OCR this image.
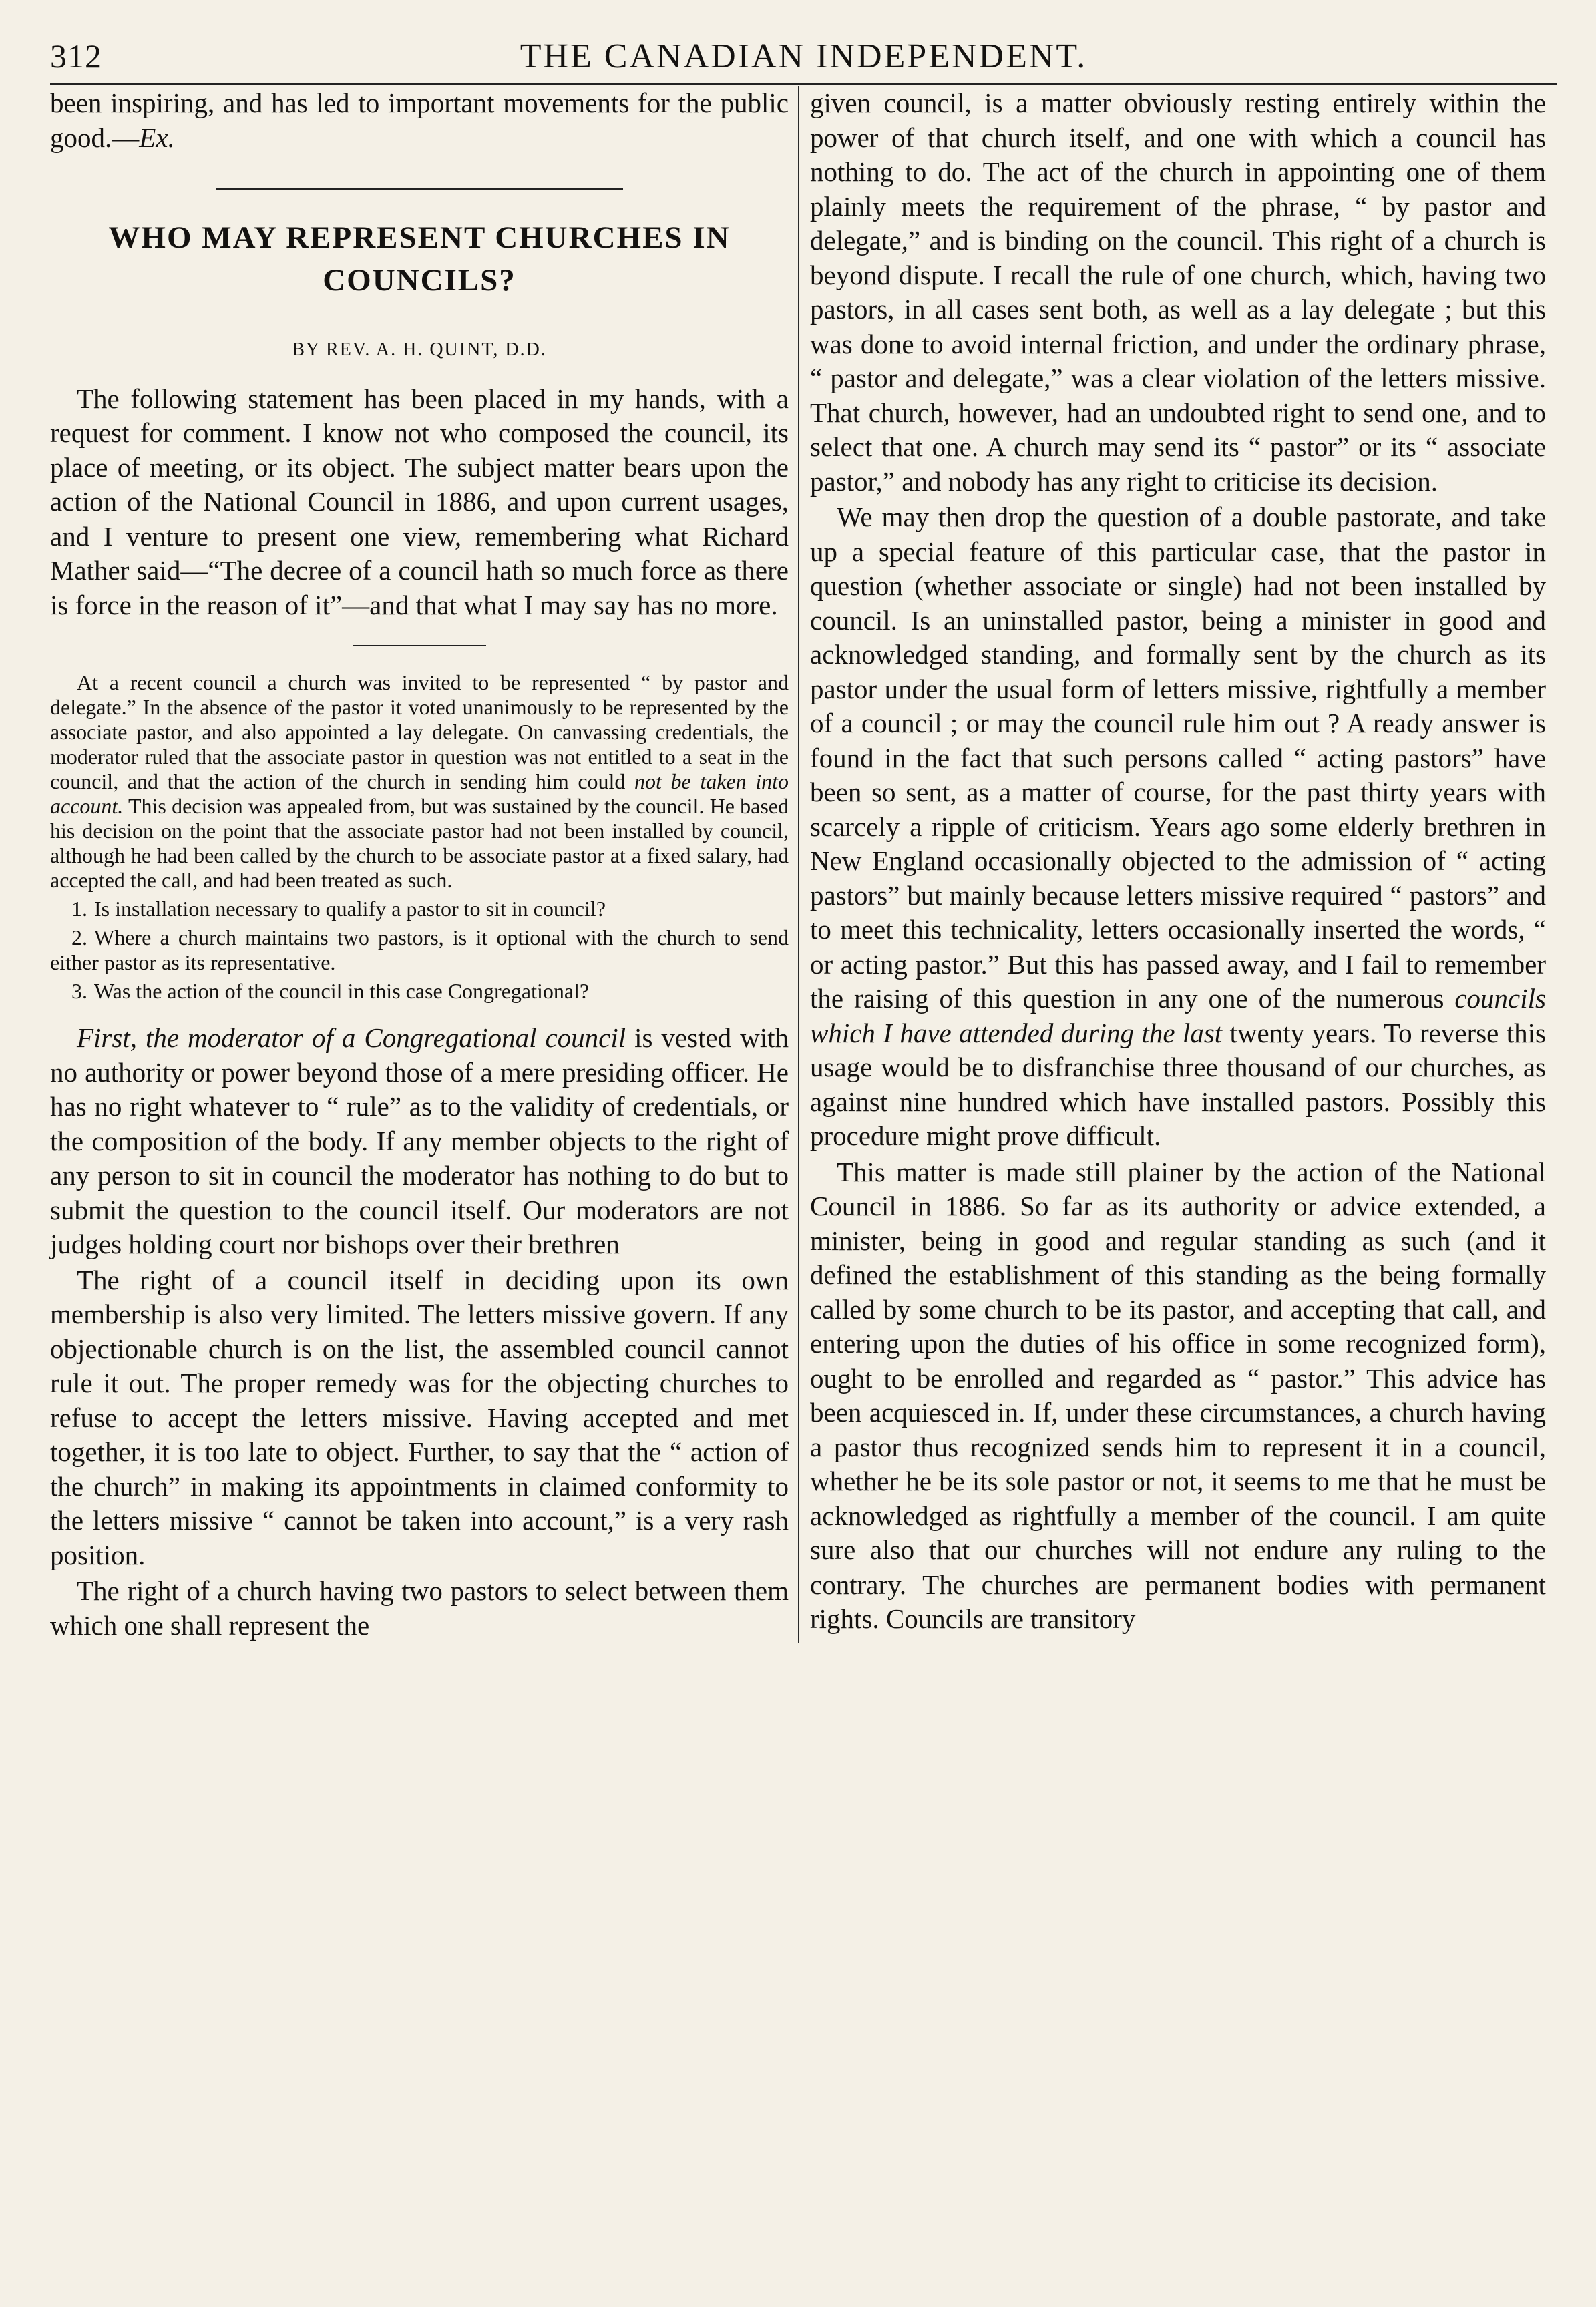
312	THE CANADIAN INDEPENDENT.

been inspiring, and has led to important movements for the public good.—Ex.

WHO MAY REPRESENT CHURCHES IN COUNCILS?
BY REV. A. H. QUINT, D.D.

The following statement has been placed in my hands, with a request for comment. I know not who composed the council, its place of meeting, or its object. The subject matter bears upon the action of the National Council in 1886, and upon current usages, and I venture to present one view, remembering what Richard Mather said—“The decree of a council hath so much force as there is force in the reason of it”—and that what I may say has no more.

At a recent council a church was invited to be represented “ by pastor and delegate.” In the absence of the pastor it voted unanimously to be represented by the associate pastor, and also appointed a lay delegate. On canvassing credentials, the moderator ruled that the associate pastor in question was not entitled to a seat in the council, and that the action of the church in sending him could not be taken into account. This decision was appealed from, but was sustained by the council. He based his decision on the point that the associate pastor had not been installed by council, although he had been called by the church to be associate pastor at a fixed salary, had accepted the call, and had been treated as such.

1. Is installation necessary to qualify a pastor to sit in council?

2. Where a church maintains two pastors, is it optional with the church to send either pastor as its representative.

3. Was the action of the council in this case Congregational?

First, the moderator of a Congregational council is vested with no authority or power beyond those of a mere presiding officer. He has no right whatever to “ rule” as to the validity of credentials, or the composition of the body. If any member objects to the right of any person to sit in council the moderator has nothing to do but to submit the question to the council itself. Our moderators are not judges holding court nor bishops over their brethren

The right of a council itself in deciding upon its own membership is also very limited. The letters missive govern. If any objectionable church is on the list, the assembled council cannot rule it out. The proper remedy was for the objecting churches to refuse to accept the letters missive. Having accepted and met together, it is too late to object. Further, to say that the “ action of the church” in making its appointments in claimed conformity to the letters missive “ cannot be taken into account,” is a very rash position.

The right of a church having two pastors to select between them which one shall represent the

given council, is a matter obviously resting entirely within the power of that church itself, and one with which a council has nothing to do. The act of the church in appointing one of them plainly meets the requirement of the phrase, “ by pastor and delegate,” and is binding on the council. This right of a church is beyond dispute. I recall the rule of one church, which, having two pastors, in all cases sent both, as well as a lay delegate ; but this was done to avoid internal friction, and under the ordinary phrase, “ pastor and delegate,” was a clear violation of the letters missive. That church, however, had an undoubted right to send one, and to select that one. A church may send its “ pastor” or its “ associate pastor,” and nobody has any right to criticise its decision.

We may then drop the question of a double pastorate, and take up a special feature of this particular case, that the pastor in question (whether associate or single) had not been installed by council. Is an uninstalled pastor, being a minister in good and acknowledged standing, and formally sent by the church as its pastor under the usual form of letters missive, rightfully a member of a council ; or may the council rule him out ? A ready answer is found in the fact that such persons called “ acting pastors” have been so sent, as a matter of course, for the past thirty years with scarcely a ripple of criticism. Years ago some elderly brethren in New England occasionally objected to the admission of “ acting pastors” but mainly because letters missive required “ pastors” and to meet this technicality, letters occasionally inserted the words, “ or acting pastor.” But this has passed away, and I fail to remember the raising of this question in any one of the numerous councils which I have attended during the last twenty years. To reverse this usage would be to disfranchise three thousand of our churches, as against nine hundred which have installed pastors. Possibly this procedure might prove difficult.

This matter is made still plainer by the action of the National Council in 1886. So far as its authority or advice extended, a minister, being in good and regular standing as such (and it defined the establishment of this standing as the being formally called by some church to be its pastor, and accepting that call, and entering upon the duties of his office in some recognized form), ought to be enrolled and regarded as “ pastor.” This advice has been acquiesced in. If, under these circumstances, a church having a pastor thus recognized sends him to represent it in a council, whether he be its sole pastor or not, it seems to me that he must be acknowledged as rightfully a member of the council. I am quite sure also that our churches will not endure any ruling to the contrary. The churches are permanent bodies with permanent rights. Councils are transitory
